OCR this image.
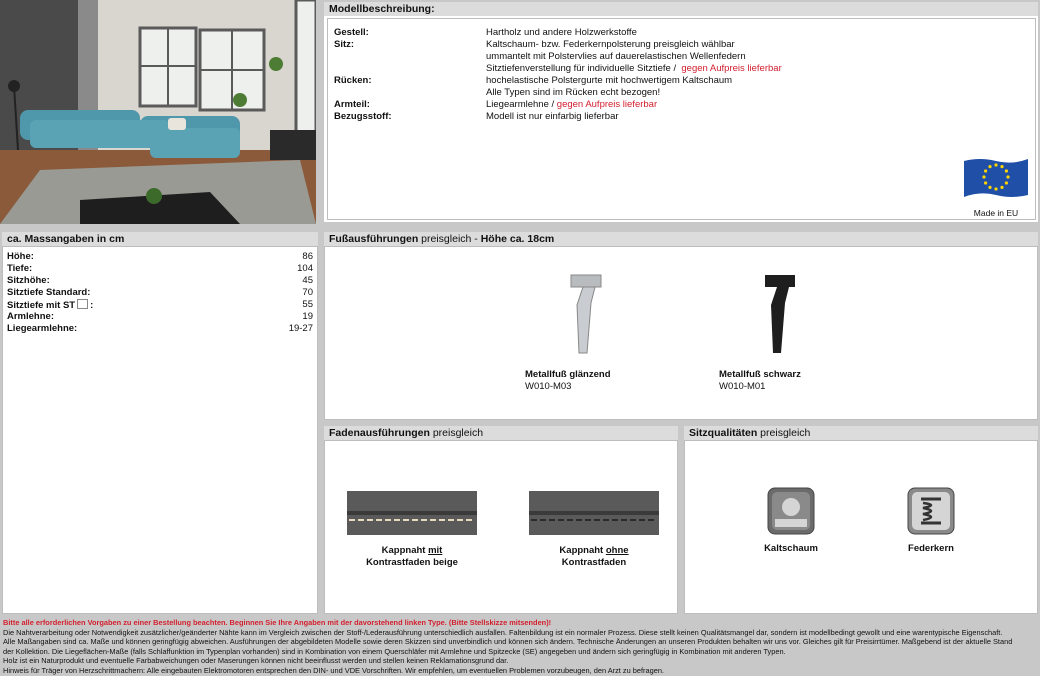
Modellbeschreibung:
Gestell:	Hartholz und andere Holzwerkstoffe
Sitz:	Kaltschaum- bzw. Federkernpolsterung preisgleich wählbar
ummantelt mit Polstervlies auf dauerelastischen Wellenfedern
Sitztiefenverstellung für individuelle Sitztiefe / gegen Aufpreis lieferbar
Rücken:	hochelastische Polstergurte mit hochwertigem Kaltschaum
Alle Typen sind im Rücken echt bezogen!
Armteil:	Liegearmlehne / gegen Aufpreis lieferbar
Bezugsstoff:	Modell ist nur einfarbig lieferbar
Made in EU
ca. Massangaben in cm
Höhe:	86
Tiefe:	104
Sitzhöhe:	45
Sitztiefe Standard:	70
Sitztiefe mit ST :	55
Armlehne:	19
Liegearmlehne:	19-27
Fußausführungen preisgleich - Höhe ca. 18cm
Metallfuß glänzend
W010-M03
Metallfuß schwarz
W010-M01
Fadenausführungen preisgleich
Kappnaht mit
Kontrastfaden beige
Kappnaht ohne
Kontrastfaden
Sitzqualitäten preisgleich
Kaltschaum	Federkern
Bitte alle erforderlichen Vorgaben zu einer Bestellung beachten. Beginnen Sie Ihre Angaben mit der davorstehend linken Type. (Bitte Stellskizze mitsenden)!
Die Nahtverarbeitung oder Notwendigkeit zusätzlicher/geänderter Nähte kann im Vergleich zwischen der Stoff-/Lederausführung unterschiedlich ausfallen. Faltenbildung ist ein normaler Prozess. Diese stellt keinen Qualitätsmangel dar, sondern ist modellbedingt gewollt und eine warentypische Eigenschaft.
Alle Maßangaben sind ca. Maße und können geringfügig abweichen. Ausführungen der abgebildeten Modelle sowie deren Skizzen sind unverbindlich und können sich ändern. Technische Änderungen an unseren Produkten behalten wir uns vor. Gleiches gilt für Preisirrtümer. Maßgebend ist der aktuelle Stand
der Kollektion. Die Liegeflächen-Maße (falls Schlaffunktion im Typenplan vorhanden) sind in Kombination von einem Querschläfer mit Armlehne und Spitzecke (SE) angegeben und ändern sich geringfügig in Kombination mit anderen Typen.
Holz ist ein Naturprodukt und eventuelle Farbabweichungen oder Maserungen können nicht beeinflusst werden und stellen keinen Reklamationsgrund dar.
Hinweis für Träger von Herzschrittmachern: Alle eingebauten Elektromotoren entsprechen den DIN- und VDE Vorschriften. Wir empfehlen, um eventuellen Problemen vorzubeugen, den Arzt zu befragen.
